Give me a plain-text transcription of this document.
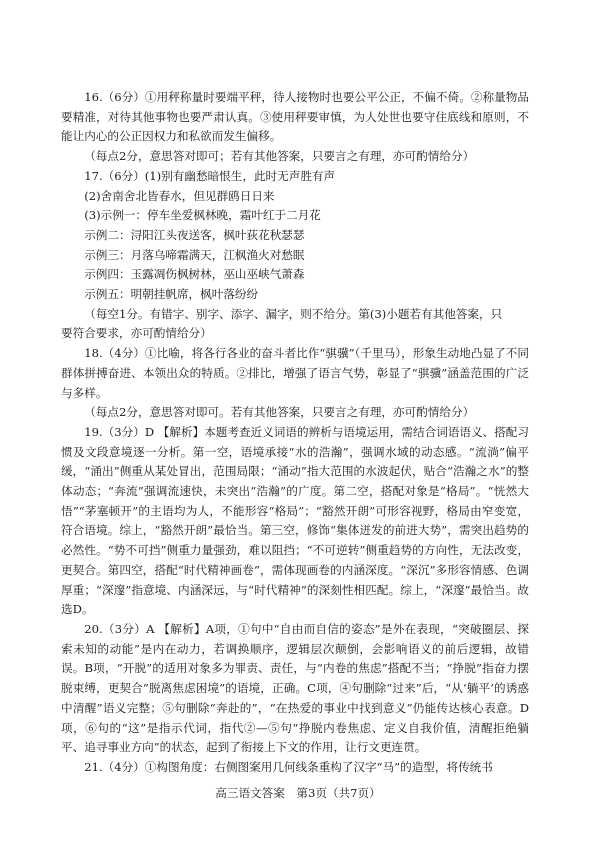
16.（6分）①用秤称量时要端平秤，待人接物时也要公平公正，不偏不倚。②称量物品要精准，对待其他事物也要严肃认真。③使用秤要审慎，为人处世也要守住底线和原则，不能让内心的公正因权力和私欲而发生偏移。

（每点2分，意思答对即可；若有其他答案，只要言之有理，亦可酌情给分）

17.（6分）(1)别有幽愁暗恨生，此时无声胜有声

(2)舍南舍北皆春水，但见群鸥日日来

(3)示例一：停车坐爱枫林晚，霜叶红于二月花

示例二：浔阳江头夜送客，枫叶荻花秋瑟瑟

示例三：月落乌啼霜满天，江枫渔火对愁眠

示例四：玉露凋伤枫树林，巫山巫峡气萧森

示例五：明朝挂帆席，枫叶落纷纷

（每空1分。有错字、别字、添字、漏字，则不给分。第(3)小题若有其他答案，只
要符合要求，亦可酌情给分）

18.（4分）①比喻，将各行各业的奋斗者比作“骐骥”（千里马），形象生动地凸显了不同群体拼搏奋进、本领出众的特质。②排比，增强了语言气势，彰显了“骐骥”涵盖范围的广泛与多样。

（每点2分，意思答对即可。若有其他答案，只要言之有理，亦可酌情给分）

19.（3分）D 【解析】本题考查近义词语的辨析与语境运用，需结合词语语义、搭配习惯及文段意境逐一分析。第一空，语境承接“水的浩瀚”，强调水域的动态感。“流淌”偏平缓，“涌出”侧重从某处冒出，范围局限；“涌动”指大范围的水波起伏，贴合“浩瀚之水”的整体动态；“奔流”强调流速快，未突出“浩瀚”的广度。第二空，搭配对象是“格局”。“恍然大悟”“茅塞顿开”的主语均为人，不能形容“格局”；“豁然开朗”可形容视野，格局由窄变宽，符合语境。综上，“豁然开朗”最恰当。第三空，修饰“集体迸发的前进大势”，需突出趋势的必然性。“势不可挡”侧重力量强劲，难以阻挡；“不可逆转”侧重趋势的方向性，无法改变，更契合。第四空，搭配“时代精神画卷”，需体现画卷的内涵深度。“深沉”多形容情感、色调厚重；“深邃”指意境、内涵深远，与“时代精神”的深刻性相匹配。综上，“深邃”最恰当。故选D。

20.（3分）A 【解析】A项，①句中“自由而自信的姿态”是外在表现，“突破圈层、探索未知的动能”是内在动力，若调换顺序，逻辑层次颠倒，会影响语义的前后逻辑，故错误。B项，“开脱”的适用对象多为罪责、责任，与“内卷的焦虑”搭配不当；“挣脱”指奋力摆脱束缚，更契合“脱离焦虑困境”的语境，正确。C项，④句删除“过来”后，“从‘躺平’的诱惑中清醒”语义完整；⑤句删除“奔赴的”，“在热爱的事业中找到意义”仍能传达核心表意。D项，⑥句的“这”是指示代词，指代②—⑤句“挣脱内卷焦虑、定义自我价值，清醒拒绝躺平、追寻事业方向”的状态，起到了衔接上下文的作用，让行文更连贯。

21.（4分）①构图角度：右侧图案用几何线条重构了汉字“马”的造型，将传统书

高三语文答案　第3页（共7页）
